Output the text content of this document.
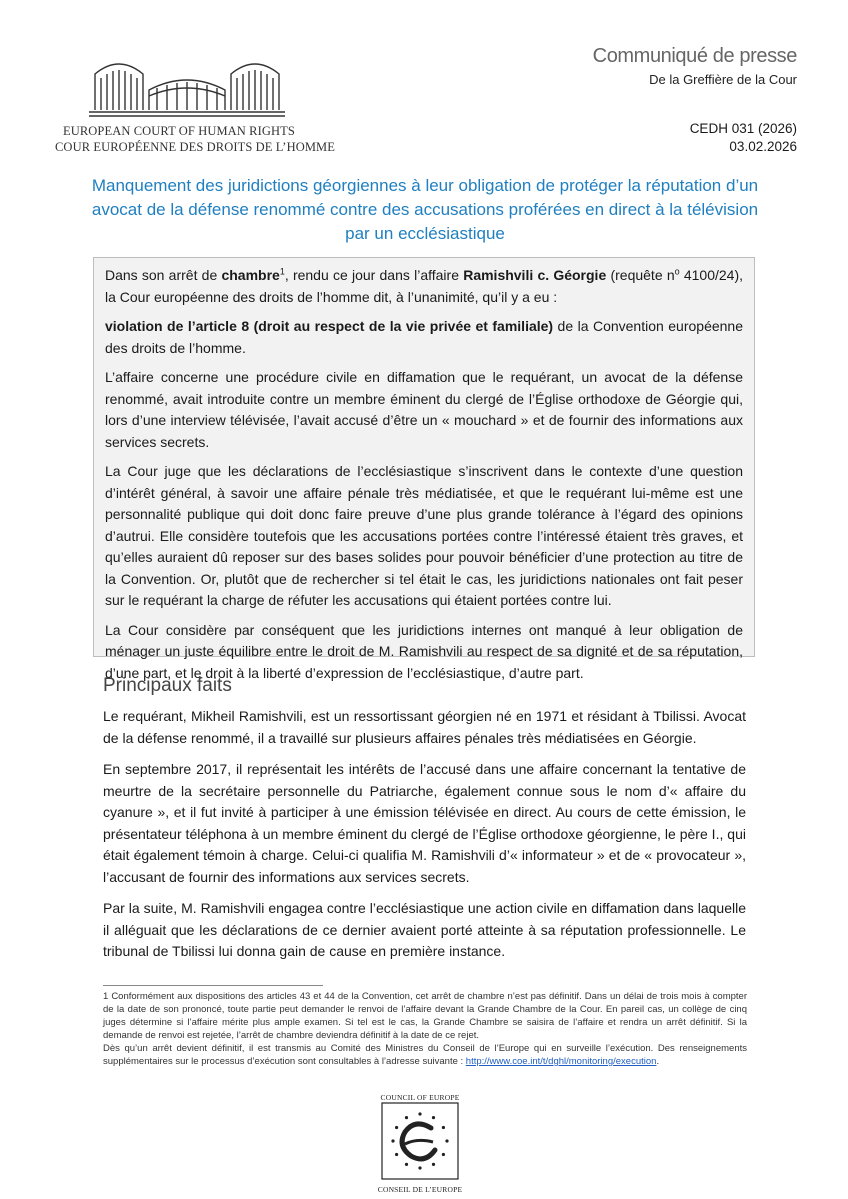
EUROPEAN COURT OF HUMAN RIGHTS
COUR EUROPÉENNE DES DROITS DE L’HOMME
Communiqué de presse
De la Greffière de la Cour
CEDH 031 (2026)
03.02.2026
Manquement des juridictions géorgiennes à leur obligation de protéger la réputation d’un avocat de la défense renommé contre des accusations proférées en direct à la télévision par un ecclésiastique

Dans son arrêt de chambre$^1$, rendu ce jour dans l’affaire Ramishvili c. Géorgie (requête $n^o$ 4100/24), la Cour européenne des droits de l’homme dit, à l’unanimité, qu’il y a eu :

violation de l’article 8 (droit au respect de la vie privée et familiale) de la Convention européenne des droits de l’homme.

L’affaire concerne une procédure civile en diffamation que le requérant, un avocat de la défense renommé, avait introduite contre un membre éminent du clergé de l’Église orthodoxe de Géorgie qui, lors d’une interview télévisée, l’avait accusé d’être un « mouchard » et de fournir des informations aux services secrets.

La Cour juge que les déclarations de l’ecclésiastique s’inscrivent dans le contexte d’une question d’intérêt général, à savoir une affaire pénale très médiatisée, et que le requérant lui-même est une personnalité publique qui doit donc faire preuve d’une plus grande tolérance à l’égard des opinions d’autrui. Elle considère toutefois que les accusations portées contre l’intéressé étaient très graves, et qu’elles auraient dû reposer sur des bases solides pour pouvoir bénéficier d’une protection au titre de la Convention. Or, plutôt que de rechercher si tel était le cas, les juridictions nationales ont fait peser sur le requérant la charge de réfuter les accusations qui étaient portées contre lui.

La Cour considère par conséquent que les juridictions internes ont manqué à leur obligation de ménager un juste équilibre entre le droit de M. Ramishvili au respect de sa dignité et de sa réputation, d’une part, et le droit à la liberté d’expression de l’ecclésiastique, d’autre part.

Principaux faits

Le requérant, Mikheil Ramishvili, est un ressortissant géorgien né en 1971 et résidant à Tbilissi. Avocat de la défense renommé, il a travaillé sur plusieurs affaires pénales très médiatisées en Géorgie.

En septembre 2017, il représentait les intérêts de l’accusé dans une affaire concernant la tentative de meurtre de la secrétaire personnelle du Patriarche, également connue sous le nom d’« affaire du cyanure », et il fut invité à participer à une émission télévisée en direct. Au cours de cette émission, le présentateur téléphona à un membre éminent du clergé de l’Église orthodoxe géorgienne, le père I., qui était également témoin à charge. Celui-ci qualifia M. Ramishvili d’« informateur » et de « provocateur », l’accusant de fournir des informations aux services secrets.

Par la suite, M. Ramishvili engagea contre l’ecclésiastique une action civile en diffamation dans laquelle il alléguait que les déclarations de ce dernier avaient porté atteinte à sa réputation professionnelle. Le tribunal de Tbilissi lui donna gain de cause en première instance.

1 Conformément aux dispositions des articles 43 et 44 de la Convention, cet arrêt de chambre n’est pas définitif. Dans un délai de trois mois à compter de la date de son prononcé, toute partie peut demander le renvoi de l’affaire devant la Grande Chambre de la Cour. En pareil cas, un collège de cinq juges détermine si l’affaire mérite plus ample examen. Si tel est le cas, la Grande Chambre se saisira de l’affaire et rendra un arrêt définitif. Si la demande de renvoi est rejetée, l’arrêt de chambre deviendra définitif à la date de ce rejet.

Dès qu’un arrêt devient définitif, il est transmis au Comité des Ministres du Conseil de l’Europe qui en surveille l’exécution. Des renseignements supplémentaires sur le processus d’exécution sont consultables à l’adresse suivante : http://www.coe.int/t/dghl/monitoring/execution.

COUNCIL OF EUROPE
CONSEIL DE L’EUROPE
